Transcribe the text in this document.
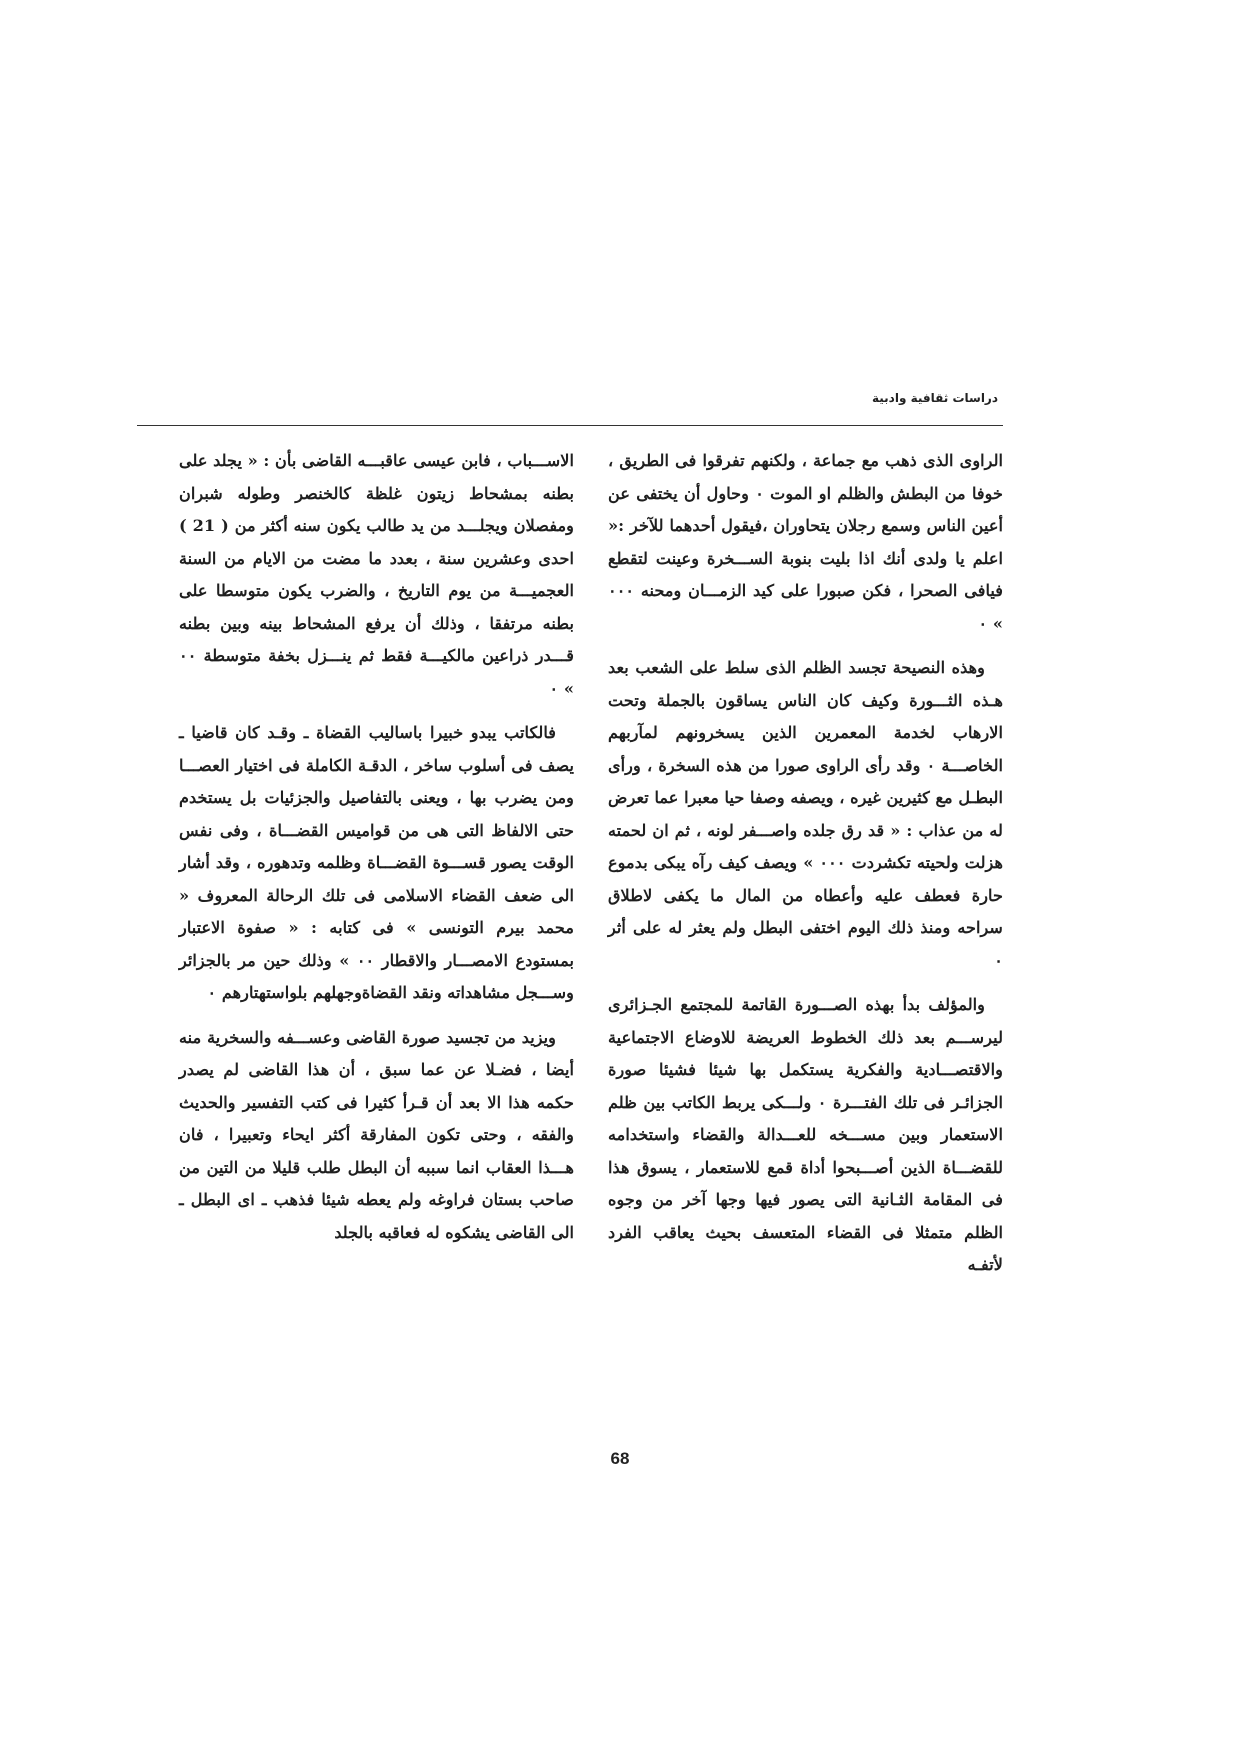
دراسات ثقافية وادبية

الراوى الذى ذهب مع جماعة ، ولكنهم تفرقوا فى الطريق ، خوفا من البطش والظلم او الموت ٠ وحاول أن يختفى عن أعين الناس وسمع رجلان يتحاوران ،فيقول أحدهما للآخر :« اعلم يا ولدى أنك اذا بليت بنوبة الســـخرة وعينت لتقطع فيافى الصحرا ، فكن صبورا على كيد الزمـــان ومحنه ٠٠٠ » ٠

وهذه النصيحة تجسد الظلم الذى سلط على الشعب بعد هـذه الثـــورة وكيف كان الناس يساقون بالجملة وتحت الارهاب لخدمة المعمرين الذين يسخرونهم لمآربهم الخاصـــة ٠ وقد رأى الراوى صورا من هذه السخرة ، ورأى البطـل مع كثيرين غيره ، ويصفه وصفا حيا معبرا عما تعرض له من عذاب : « قد رق جلده واصـــفر لونه ، ثم ان لحمته هزلت ولحيته تكشردت ٠٠٠ » ويصف كيف رآه يبكى بدموع حارة فعطف عليه وأعطاه من المال ما يكفى لاطلاق سراحه ومنذ ذلك اليوم اختفى البطل ولم يعثر له على أثر ٠

والمؤلف بدأ بهذه الصـــورة القاتمة للمجتمع الجـزائرى ليرســـم بعد ذلك الخطوط العريضة للاوضاع الاجتماعية والاقتصـــادية والفكرية يستكمل بها شيئا فشيئا صورة الجزائـر فى تلك الفتـــرة ٠ ولـــكى يربط الكاتب بين ظلم الاستعمار وبين مســـخه للعـــدالة والقضاء واستخدامه للقضـــاة الذين أصـــبحوا أداة قمع للاستعمار ، يسوق هذا فى المقامة الثـانية التى يصور فيها وجها آخر من وجوه الظلم متمثلا فى القضاء المتعسف بحيث يعاقب الفرد لأتفـه

الاســـباب ، فابن عيسى عاقبـــه القاضى بأن : « يجلد على بطنه بمشحاط زيتون غلظة كالخنصر وطوله شبران ومفصلان ويجلـــد من يد طالب يكون سنه أكثر من ( 21 ) احدى وعشرين سنة ، بعدد ما مضت من الايام من السنة العجميـــة من يوم التاريخ ، والضرب يكون متوسطا على بطنه مرتفقا ، وذلك أن يرفع المشحاط بينه وبين بطنه قـــدر ذراعين مالكيـــة فقط ثم ينـــزل بخفة متوسطة ٠٠ » ٠

فالكاتب يبدو خبيرا باساليب القضاة ـ وقـد كان قاضيا ـ يصف فى أسلوب ساخر ، الدقـة الكاملة فى اختيار العصـــا ومن يضرب بها ، ويعنى بالتفاصيل والجزئيات بل يستخدم حتى الالفاظ التى هى من قواميس القضـــاة ، وفى نفس الوقت يصور قســـوة القضـــاة وظلمه وتدهوره ، وقد أشار الى ضعف القضاء الاسلامى فى تلك الرحالة المعروف « محمد بيرم التونسى » فى كتابه : « صفوة الاعتبار بمستودع الامصـــار والاقطار ٠٠ » وذلك حين مر بالجزائر وســـجل مشاهداته ونقد القضاةوجهلهم بلواستهتارهم ٠

ويزيد من تجسيد صورة القاضى وعســـفه والسخرية منه أيضا ، فضـلا عن عما سبق ، أن هذا القاضى لم يصدر حكمه هذا الا بعد أن قـرأ كثيرا فى كتب التفسير والحديث والفقه ، وحتى تكون المفارقة أكثر ايحاء وتعبيرا ، فان هـــذا العقاب انما سببه أن البطل طلب قليلا من التين من صاحب بستان فراوغه ولم يعطه شيئا فذهب ـ اى البطل ـ الى القاضى يشكوه له فعاقبه بالجلد

68
